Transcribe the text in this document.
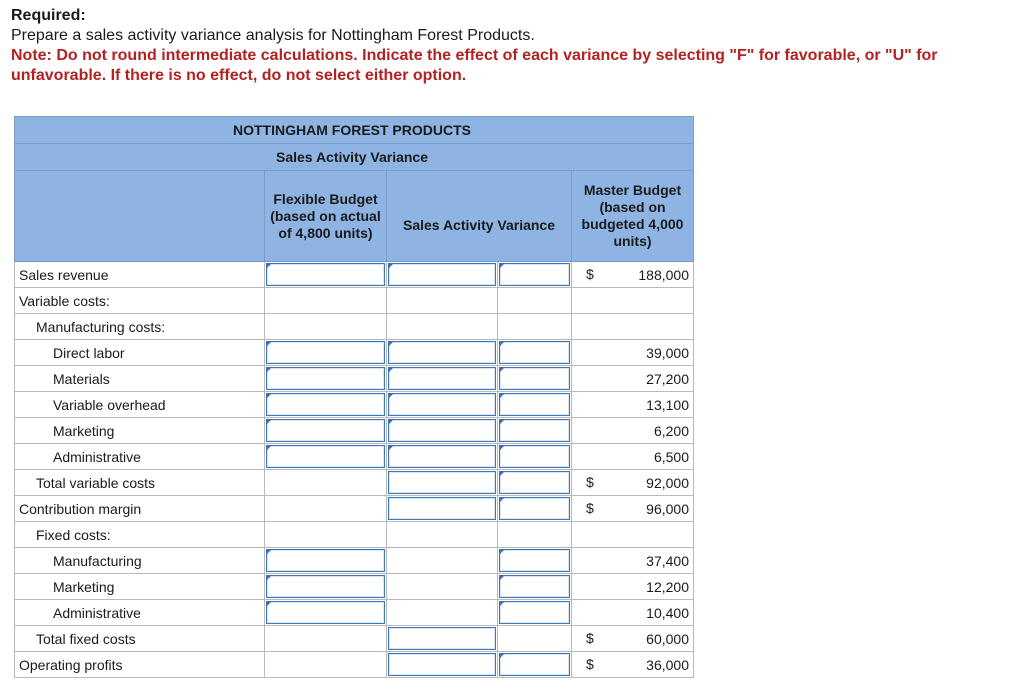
Required:
Prepare a sales activity variance analysis for Nottingham Forest Products.
Note: Do not round intermediate calculations. Indicate the effect of each variance by selecting "F" for favorable, or "U" for unfavorable. If there is no effect, do not select either option.
NOTTINGHAM FOREST PRODUCTS				
Sales Activity Variance				
	Flexible Budget (based on actual of 4,800 units)	Sales Activity Variance		Master Budget (based on budgeted 4,000 units)
Sales revenue				$ 188,000
Variable costs:				
Manufacturing costs:				
Direct labor				39,000
Materials				27,200
Variable overhead				13,100
Marketing				6,200
Administrative				6,500
Total variable costs				$ 92,000
Contribution margin				$ 96,000
Fixed costs:				
Manufacturing				37,400
Marketing				12,200
Administrative				10,400
Total fixed costs				$ 60,000
Operating profits				$ 36,000
